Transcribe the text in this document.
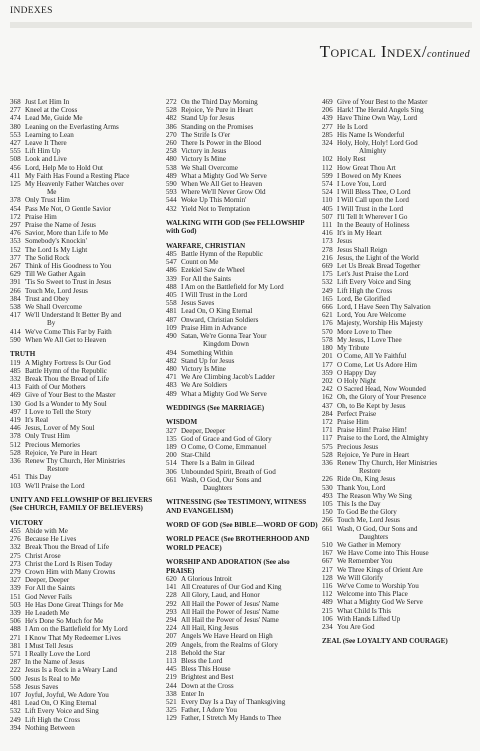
INDEXES
Topical Index/continued
368 Just Let Him In
277 Kneel at the Cross
474 Lead Me, Guide Me
380 Leaning on the Everlasting Arms
553 Learning to Lean
427 Leave It There
555 Lift Him Up
508 Look and Live
456 Lord, Help Me to Hold Out
411 My Faith Has Found a Resting Place
125 My Heavenly Father Watches over
Me
378 Only Trust Him
454 Pass Me Not, O Gentle Savior
172 Praise Him
297 Praise the Name of Jesus
476 Savior, More than Life to Me
353 Somebody's Knockin'
152 The Lord Is My Light
377 The Solid Rock
267 Think of His Goodness to You
629 Till We Gather Again
391 'Tis So Sweet to Trust in Jesus
266 Touch Me, Lord Jesus
384 Trust and Obey
538 We Shall Overcome
417 We'll Understand It Better By and
By
414 We've Come This Far by Faith
590 When We All Get to Heaven
TRUTH
119 A Mighty Fortress Is Our God
485 Battle Hymn of the Republic
332 Break Thou the Bread of Life
413 Faith of Our Mothers
469 Give of Your Best to the Master
130 God Is a Wonder to My Soul
497 I Love to Tell the Story
419 It's Real
446 Jesus, Lover of My Soul
378 Only Trust Him
512 Precious Memories
528 Rejoice, Ye Pure in Heart
336 Renew Thy Church, Her Ministries
Restore
451 This Day
103 We'll Praise the Lord
UNITY AND FELLOWSHIP OF BELIEVERS (See CHURCH, FAMILY OF BELIEVERS)
VICTORY
455 Abide with Me
276 Because He Lives
332 Break Thou the Bread of Life
275 Christ Arose
273 Christ the Lord Is Risen Today
279 Crown Him with Many Crowns
327 Deeper, Deeper
339 For All the Saints
151 God Never Fails
503 He Has Done Great Things for Me
339 He Leadeth Me
506 He's Done So Much for Me
488 I Am on the Battlefield for My Lord
271 I Know That My Redeemer Lives
381 I Must Tell Jesus
571 I Really Love the Lord
287 In the Name of Jesus
222 Jesus Is a Rock in a Weary Land
500 Jesus Is Real to Me
558 Jesus Saves
107 Joyful, Joyful, We Adore You
481 Lead On, O King Eternal
532 Lift Every Voice and Sing
249 Lift High the Cross
394 Nothing Between
272 On the Third Day Morning
528 Rejoice, Ye Pure in Heart
482 Stand Up for Jesus
386 Standing on the Promises
270 The Strife Is O'er
260 There Is Power in the Blood
258 Victory in Jesus
480 Victory Is Mine
538 We Shall Overcome
489 What a Mighty God We Serve
590 When We All Get to Heaven
593 Where We'll Never Grow Old
544 Woke Up This Mornin'
432 Yield Not to Temptation
WALKING WITH GOD (See FELLOWSHIP with God)
WARFARE, CHRISTIAN
485 Battle Hymn of the Republic
547 Count on Me
486 Ezekiel Saw de Wheel
339 For All the Saints
488 I Am on the Battlefield for My Lord
405 I Will Trust in the Lord
558 Jesus Saves
481 Lead On, O King Eternal
487 Onward, Christian Soldiers
109 Praise Him in Advance
490 Satan, We're Gonna Tear Your
Kingdom Down
494 Something Within
482 Stand Up for Jesus
480 Victory Is Mine
471 We Are Climbing Jacob's Ladder
483 We Are Soldiers
489 What a Mighty God We Serve
WEDDINGS (See MARRIAGE)
WISDOM
327 Deeper, Deeper
135 God of Grace and God of Glory
189 O Come, O Come, Emmanuel
200 Star-Child
514 There Is a Balm in Gilead
306 Unbounded Spirit, Breath of God
661 Wash, O God, Our Sons and
Daughters
WITNESSING (See TESTIMONY, WITNESS AND EVANGELISM)
WORD OF GOD (See BIBLE—WORD OF GOD)
WORLD PEACE (See BROTHERHOOD AND WORLD PEACE)
WORSHIP AND ADORATION (See also PRAISE)
620 A Glorious Introit
141 All Creatures of Our God and King
228 All Glory, Laud, and Honor
292 All Hail the Power of Jesus' Name
293 All Hail the Power of Jesus' Name
294 All Hail the Power of Jesus' Name
224 All Hail, King Jesus
207 Angels We Have Heard on High
209 Angels, from the Realms of Glory
218 Behold the Star
113 Bless the Lord
445 Bless This House
219 Brightest and Best
244 Down at the Cross
338 Enter In
521 Every Day Is a Day of Thanksgiving
325 Father, I Adore You
129 Father, I Stretch My Hands to Thee
469 Give of Your Best to the Master
206 Hark! The Herald Angels Sing
439 Have Thine Own Way, Lord
277 He Is Lord
285 His Name Is Wonderful
324 Holy, Holy, Holy! Lord God
Almighty
102 Holy Rest
112 How Great Thou Art
599 I Bowed on My Knees
574 I Love You, Lord
524 I Will Bless Thee, O Lord
110 I Will Call upon the Lord
405 I Will Trust in the Lord
507 I'll Tell It Wherever I Go
111 In the Beauty of Holiness
416 It's in My Heart
173 Jesus
278 Jesus Shall Reign
216 Jesus, the Light of the World
669 Let Us Break Bread Together
175 Let's Just Praise the Lord
532 Lift Every Voice and Sing
249 Lift High the Cross
165 Lord, Be Glorified
666 Lord, I Have Seen Thy Salvation
621 Lord, You Are Welcome
176 Majesty, Worship His Majesty
570 More Love to Thee
578 My Jesus, I Love Thee
180 My Tribute
201 O Come, All Ye Faithful
177 O Come, Let Us Adore Him
359 O Happy Day
202 O Holy Night
242 O Sacred Head, Now Wounded
162 Oh, the Glory of Your Presence
437 Oh, to Be Kept by Jesus
284 Perfect Praise
172 Praise Him
171 Praise Him! Praise Him!
117 Praise to the Lord, the Almighty
575 Precious Jesus
528 Rejoice, Ye Pure in Heart
336 Renew Thy Church, Her Ministries
Restore
226 Ride On, King Jesus
530 Thank You, Lord
493 The Reason Why We Sing
105 This Is the Day
150 To God Be the Glory
266 Touch Me, Lord Jesus
661 Wash, O God, Our Sons and
Daughters
510 We Gather in Memory
167 We Have Come into This House
667 We Remember You
217 We Three Kings of Orient Are
128 We Will Glorify
116 We've Come to Worship You
112 Welcome into This Place
489 What a Mighty God We Serve
215 What Child Is This
106 With Hands Lifted Up
234 You Are God
ZEAL (See LOYALTY AND COURAGE)
